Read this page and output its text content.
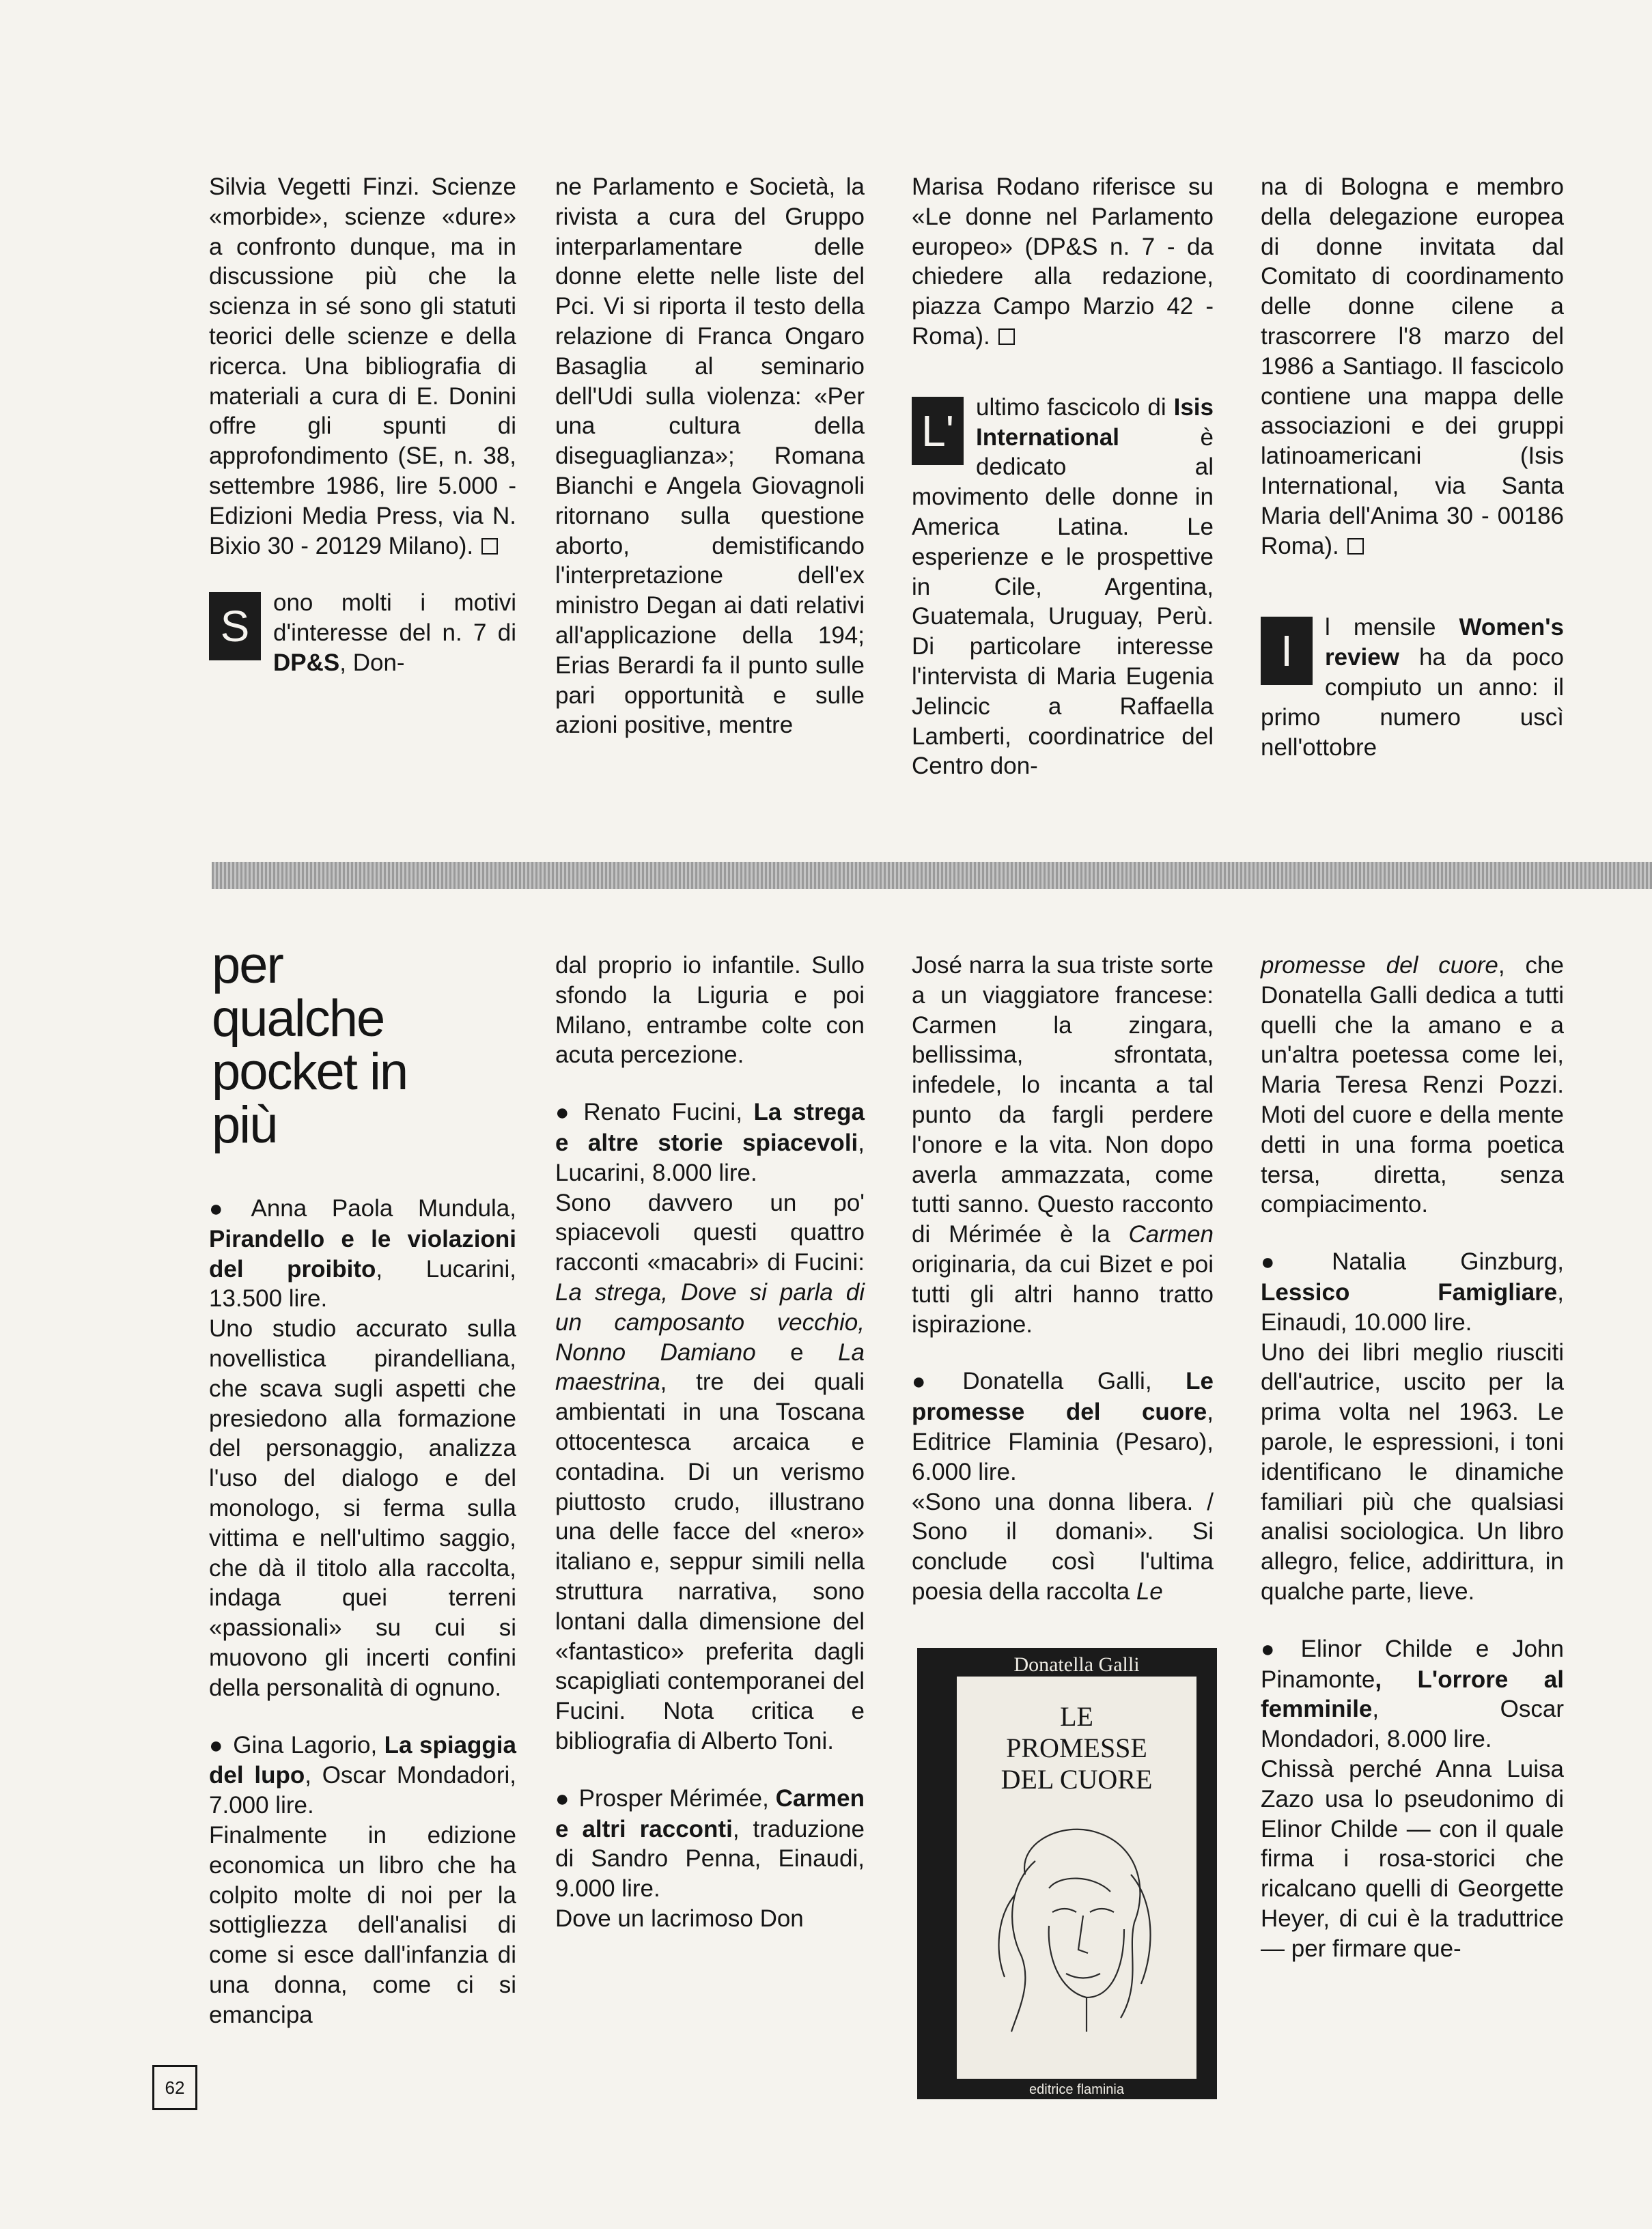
Silvia Vegetti Finzi. Scienze «morbide», scienze «dure» a confronto dunque, ma in discussione più che la scienza in sé sono gli statuti teorici delle scienze e della ricerca. Una bibliografia di materiali a cura di E. Donini offre gli spunti di approfondimento (SE, n. 38, settembre 1986, lire 5.000 - Edizioni Media Press, via N. Bixio 30 - 20129 Milano).

S ono molti i motivi d'interesse del n. 7 di DP&S, Don-

ne Parlamento e Società, la rivista a cura del Gruppo interparlamentare delle donne elette nelle liste del Pci. Vi si riporta il testo della relazione di Franca Ongaro Basaglia al seminario dell'Udi sulla violenza: «Per una cultura della diseguaglianza»; Romana Bianchi e Angela Giovagnoli ritornano sulla questione aborto, demistificando l'interpretazione dell'ex ministro Degan ai dati relativi all'applicazione della 194; Erias Berardi fa il punto sulle pari opportunità e sulle azioni positive, mentre

Marisa Rodano riferisce su «Le donne nel Parlamento europeo» (DP&S n. 7 - da chiedere alla redazione, piazza Campo Marzio 42 - Roma).

L' ultimo fascicolo di Isis International è dedicato al movimento delle donne in America Latina. Le esperienze e le prospettive in Cile, Argentina, Guatemala, Uruguay, Perù. Di particolare interesse l'intervista di Maria Eugenia Jelincic a Raffaella Lamberti, coordinatrice del Centro don-

na di Bologna e membro della delegazione europea di donne invitata dal Comitato di coordinamento delle donne cilene a trascorrere l'8 marzo del 1986 a Santiago. Il fascicolo contiene una mappa delle associazioni e dei gruppi latinoamericani (Isis International, via Santa Maria dell'Anima 30 - 00186 Roma).

I	l mensile Women's review ha da poco compiuto un anno: il primo numero uscì nell'ottobre

per qualche pocket in più

● Anna Paola Mundula, Pirandello e le violazioni del proibito, Lucarini, 13.500 lire.

Uno studio accurato sulla novellistica pirandelliana, che scava sugli aspetti che presiedono alla formazione del personaggio, analizza l'uso del dialogo e del monologo, si ferma sulla vittima e nell'ultimo saggio, che dà il titolo alla raccolta, indaga quei terreni «passionali» su cui si muovono gli incerti confini della personalità di ognuno.

● Gina Lagorio, La spiaggia del lupo, Oscar Mondadori, 7.000 lire.

Finalmente in edizione economica un libro che ha colpito molte di noi per la sottigliezza dell'analisi di come si esce dall'infanzia di una donna, come ci si emancipa

dal proprio io infantile. Sullo sfondo la Liguria e poi Milano, entrambe colte con acuta percezione.

● Renato Fucini, La strega e altre storie spiacevoli, Lucarini, 8.000 lire.

Sono davvero un po' spiacevoli questi quattro racconti «macabri» di Fucini: La strega, Dove si parla di un camposanto vecchio, Nonno Damiano e La maestrina, tre dei quali ambientati in una Toscana ottocentesca arcaica e contadina. Di un verismo piuttosto crudo, illustrano una delle facce del «nero» italiano e, seppur simili nella struttura narrativa, sono lontani dalla dimensione del «fantastico» preferita dagli scapigliati contemporanei del Fucini. Nota critica e bibliografia di Alberto Toni.

● Prosper Mérimée, Carmen e altri racconti, traduzione di Sandro Penna, Einaudi, 9.000 lire.

Dove un lacrimoso Don

José narra la sua triste sorte a un viaggiatore francese: Carmen la zingara, bellissima, sfrontata, infedele, lo incanta a tal punto da fargli perdere l'onore e la vita. Non dopo averla ammazzata, come tutti sanno. Questo racconto di Mérimée è la Carmen originaria, da cui Bizet e poi tutti gli altri hanno tratto ispirazione.

● Donatella Galli, Le promesse del cuore, Editrice Flaminia (Pesaro), 6.000 lire.

«Sono una donna libera. / Sono il domani». Si conclude così l'ultima poesia della raccolta Le

Donatella Galli
LE
PROMESSE
DEL CUORE
editrice flaminia

promesse del cuore, che Donatella Galli dedica a tutti quelli che la amano e a un'altra poetessa come lei, Maria Teresa Renzi Pozzi. Moti del cuore e della mente detti in una forma poetica tersa, diretta, senza compiacimento.

● Natalia Ginzburg, Lessico Famigliare, Einaudi, 10.000 lire.

Uno dei libri meglio riusciti dell'autrice, uscito per la prima volta nel 1963. Le parole, le espressioni, i toni identificano le dinamiche familiari più che qualsiasi analisi sociologica. Un libro allegro, felice, addirittura, in qualche parte, lieve.

● Elinor Childe e John Pinamonte, L'orrore al femminile, Oscar Mondadori, 8.000 lire.

Chissà perché Anna Luisa Zazo usa lo pseudonimo di Elinor Childe — con il quale firma i rosa-storici che ricalcano quelli di Georgette Heyer, di cui è la traduttrice — per firmare que-

62
